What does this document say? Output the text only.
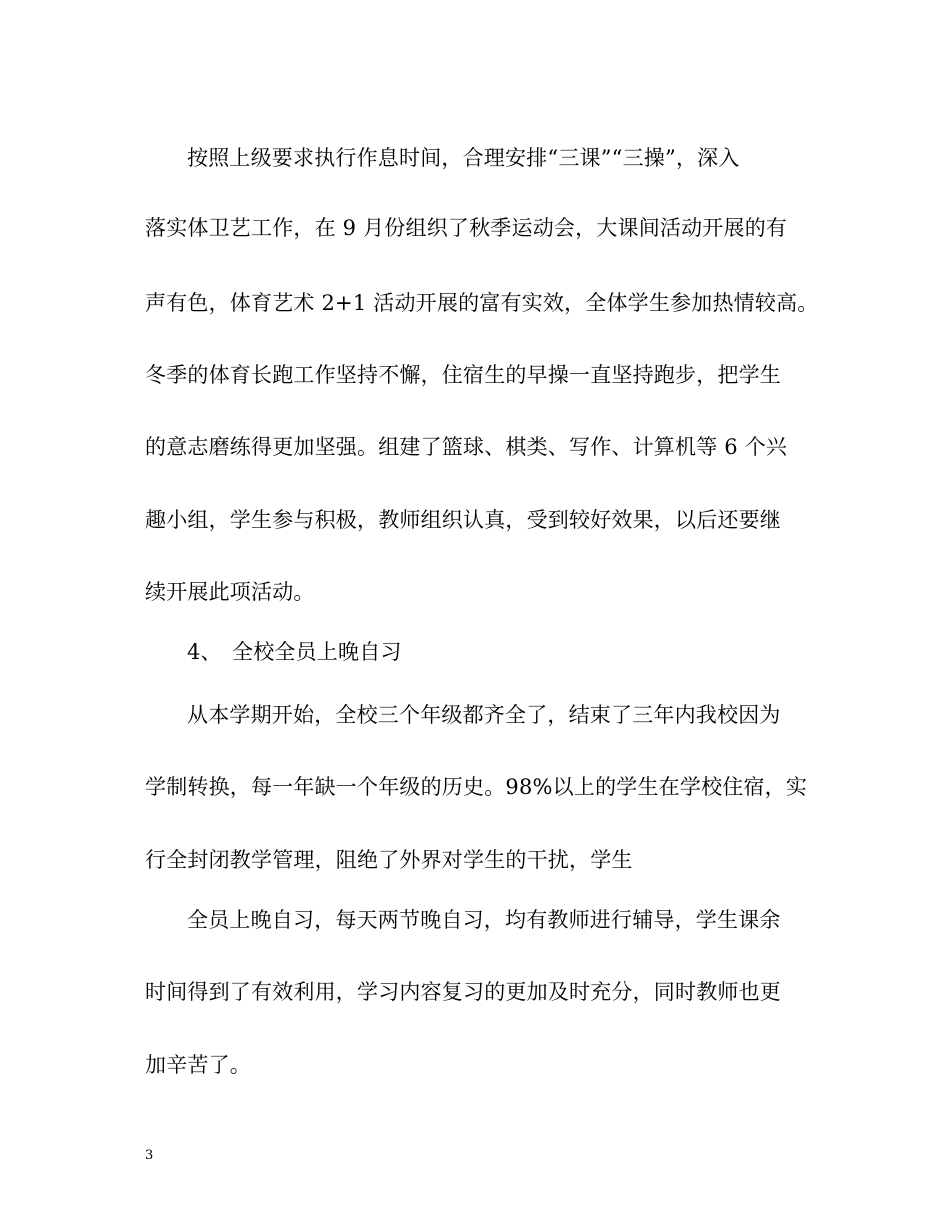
按照上级要求执行作息时间，合理安排“三课”“三操”，深入
落实体卫艺工作，在 9 月份组织了秋季运动会，大课间活动开展的有
声有色，体育艺术 2+1 活动开展的富有实效，全体学生参加热情较高。
冬季的体育长跑工作坚持不懈，住宿生的早操一直坚持跑步，把学生
的意志磨练得更加坚强。组建了篮球、棋类、写作、计算机等 6 个兴
趣小组，学生参与积极，教师组织认真，受到较好效果，以后还要继
续开展此项活动。
4、 全校全员上晚自习
从本学期开始，全校三个年级都齐全了，结束了三年内我校因为
学制转换，每一年缺一个年级的历史。98%以上的学生在学校住宿，实
行全封闭教学管理，阻绝了外界对学生的干扰，学生
全员上晚自习，每天两节晚自习，均有教师进行辅导，学生课余
时间得到了有效利用，学习内容复习的更加及时充分，同时教师也更
加辛苦了。
3
